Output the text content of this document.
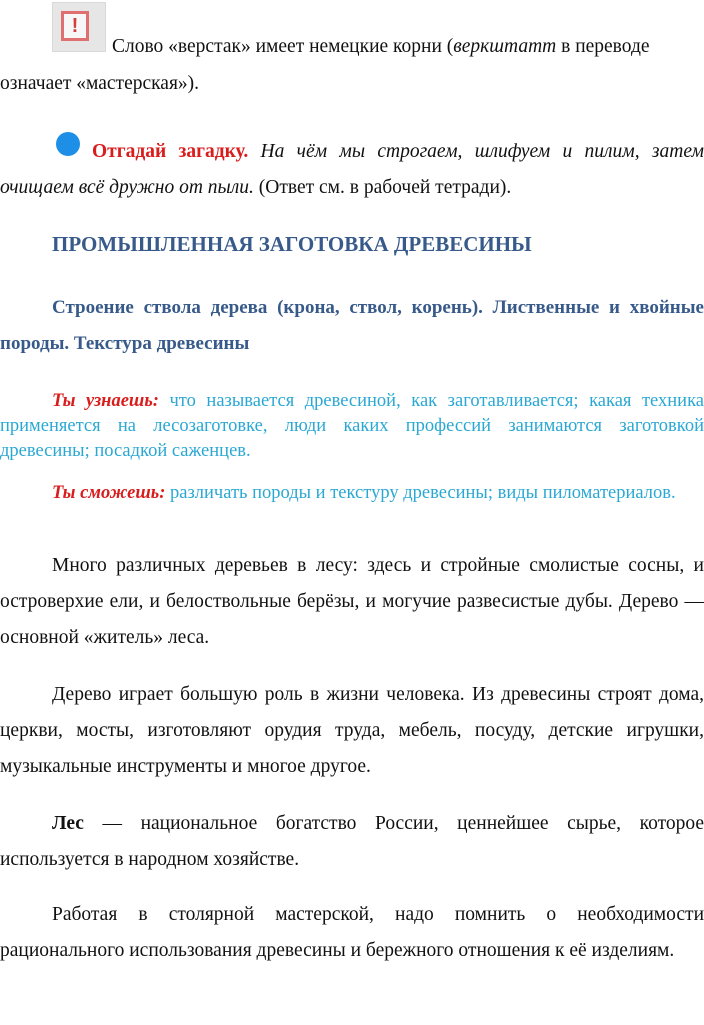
!
Слово «верстак» имеет немецкие корни (веркштатт в переводе
означает «мастерская»).
Отгадай загадку. На чём мы строгаем, шлифуем и пилим, затем очищаем всё дружно от пыли. (Ответ см. в рабочей тетради).
ПРОМЫШЛЕННАЯ ЗАГОТОВКА ДРЕВЕСИНЫ
Строение ствола дерева (крона, ствол, корень). Лиственные и хвойные породы. Текстура древесины
Ты узнаешь: что называется древесиной, как заготавливается; какая техника применяется на лесозаготовке, люди каких профессий занимаются заготовкой древесины; посадкой саженцев.
Ты сможешь: различать породы и текстуру древесины; виды пиломатериалов.
Много различных деревьев в лесу: здесь и стройные смолистые сосны, и островерхие ели, и белоствольные берёзы, и могучие развесистые дубы. Дерево — основной «житель» леса.
Дерево играет большую роль в жизни человека. Из древесины строят дома, церкви, мосты, изготовляют орудия труда, мебель, посуду, детские игрушки, музыкальные инструменты и многое другое.
Лес — национальное богатство России, ценнейшее сырье, которое используется в народном хозяйстве.
Работая в столярной мастерской, надо помнить о необходимости рационального использования древесины и бережного отношения к её изделиям.
